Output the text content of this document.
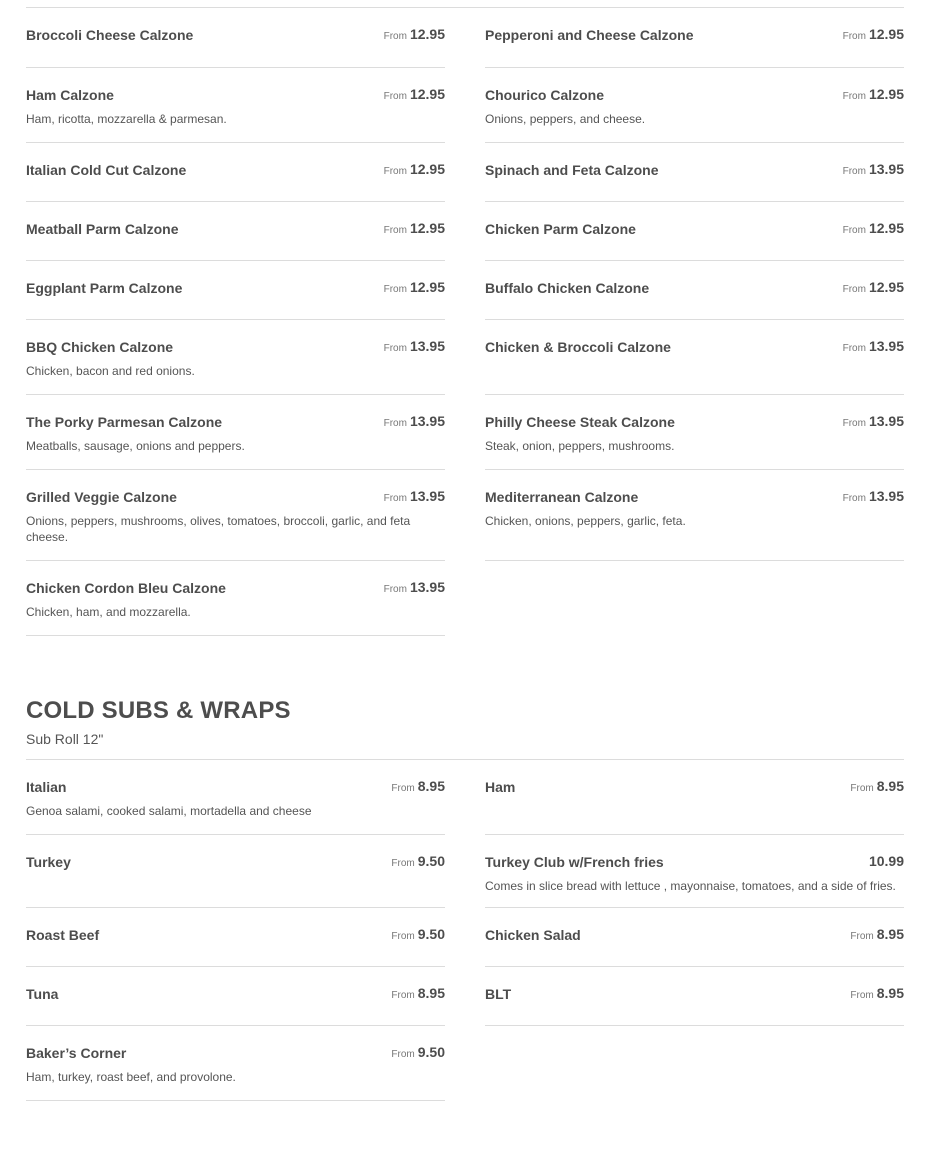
Broccoli Cheese Calzone	From 12.95
Ham Calzone	From 12.95
Ham, ricotta, mozzarella & parmesan.
Italian Cold Cut Calzone	From 12.95
Meatball Parm Calzone	From 12.95
Eggplant Parm Calzone	From 12.95
BBQ Chicken Calzone	From 13.95
Chicken, bacon and red onions.
The Porky Parmesan Calzone	From 13.95
Meatballs, sausage, onions and peppers.
Grilled Veggie Calzone	From 13.95
Onions, peppers, mushrooms, olives, tomatoes, broccoli, garlic, and feta cheese.
Chicken Cordon Bleu Calzone	From 13.95
Chicken, ham, and mozzarella.
Pepperoni and Cheese Calzone	From 12.95
Chourico Calzone	From 12.95
Onions, peppers, and cheese.
Spinach and Feta Calzone	From 13.95
Chicken Parm Calzone	From 12.95
Buffalo Chicken Calzone	From 12.95
Chicken & Broccoli Calzone	From 13.95
Philly Cheese Steak Calzone	From 13.95
Steak, onion, peppers, mushrooms.
Mediterranean Calzone	From 13.95
Chicken, onions, peppers, garlic, feta.
COLD SUBS & WRAPS
Sub Roll 12"
Italian	From 8.95
Genoa salami, cooked salami, mortadella and cheese
Turkey	From 9.50
Roast Beef	From 9.50
Tuna	From 8.95
Baker’s Corner	From 9.50
Ham, turkey, roast beef, and provolone.
Ham	From 8.95
Turkey Club w/French fries	10.99
Comes in slice bread with lettuce , mayonnaise, tomatoes, and a side of fries.
Chicken Salad	From 8.95
BLT	From 8.95
